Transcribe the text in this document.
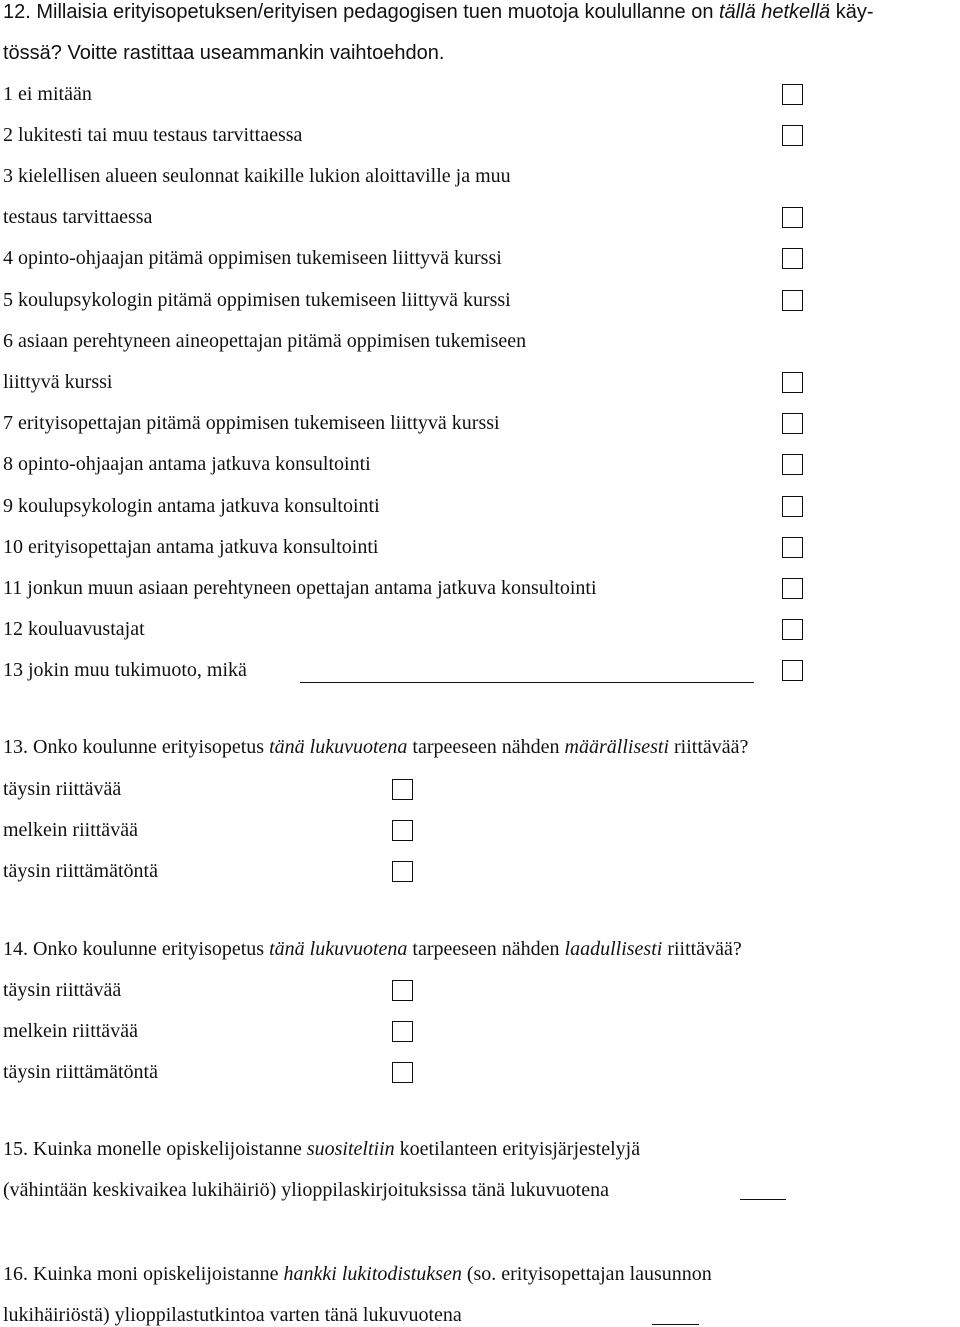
12. Millaisia erityisopetuksen/erityisen pedagogisen tuen muotoja koulullanne on tällä hetkellä käy-
tössä? Voitte rastittaa useammankin vaihtoehdon.
1 ei mitään
2 lukitesti tai muu testaus tarvittaessa
3 kielellisen alueen seulonnat kaikille lukion aloittaville ja muu
testaus tarvittaessa
4 opinto-ohjaajan pitämä oppimisen tukemiseen liittyvä kurssi
5 koulupsykologin pitämä oppimisen tukemiseen liittyvä kurssi
6 asiaan perehtyneen aineopettajan pitämä oppimisen tukemiseen
liittyvä kurssi
7 erityisopettajan pitämä oppimisen tukemiseen liittyvä kurssi
8 opinto-ohjaajan antama jatkuva konsultointi
9 koulupsykologin antama jatkuva konsultointi
10 erityisopettajan antama jatkuva konsultointi
11 jonkun muun asiaan perehtyneen opettajan antama jatkuva konsultointi
12 kouluavustajat
13 jokin muu tukimuoto, mikä
13. Onko koulunne erityisopetus tänä lukuvuotena tarpeeseen nähden määrällisesti riittävää?
täysin riittävää
melkein riittävää
täysin riittämätöntä
14. Onko koulunne erityisopetus tänä lukuvuotena tarpeeseen nähden laadullisesti riittävää?
täysin riittävää
melkein riittävää
täysin riittämätöntä
15. Kuinka monelle opiskelijoistanne suositeltiin koetilanteen erityisjärjestelyjä
(vähintään keskivaikea lukihäiriö) ylioppilaskirjoituksissa tänä lukuvuotena
16. Kuinka moni opiskelijoistanne hankki lukitodistuksen (so. erityisopettajan lausunnon
lukihäiriöstä) ylioppilastutkintoa varten tänä lukuvuotena
